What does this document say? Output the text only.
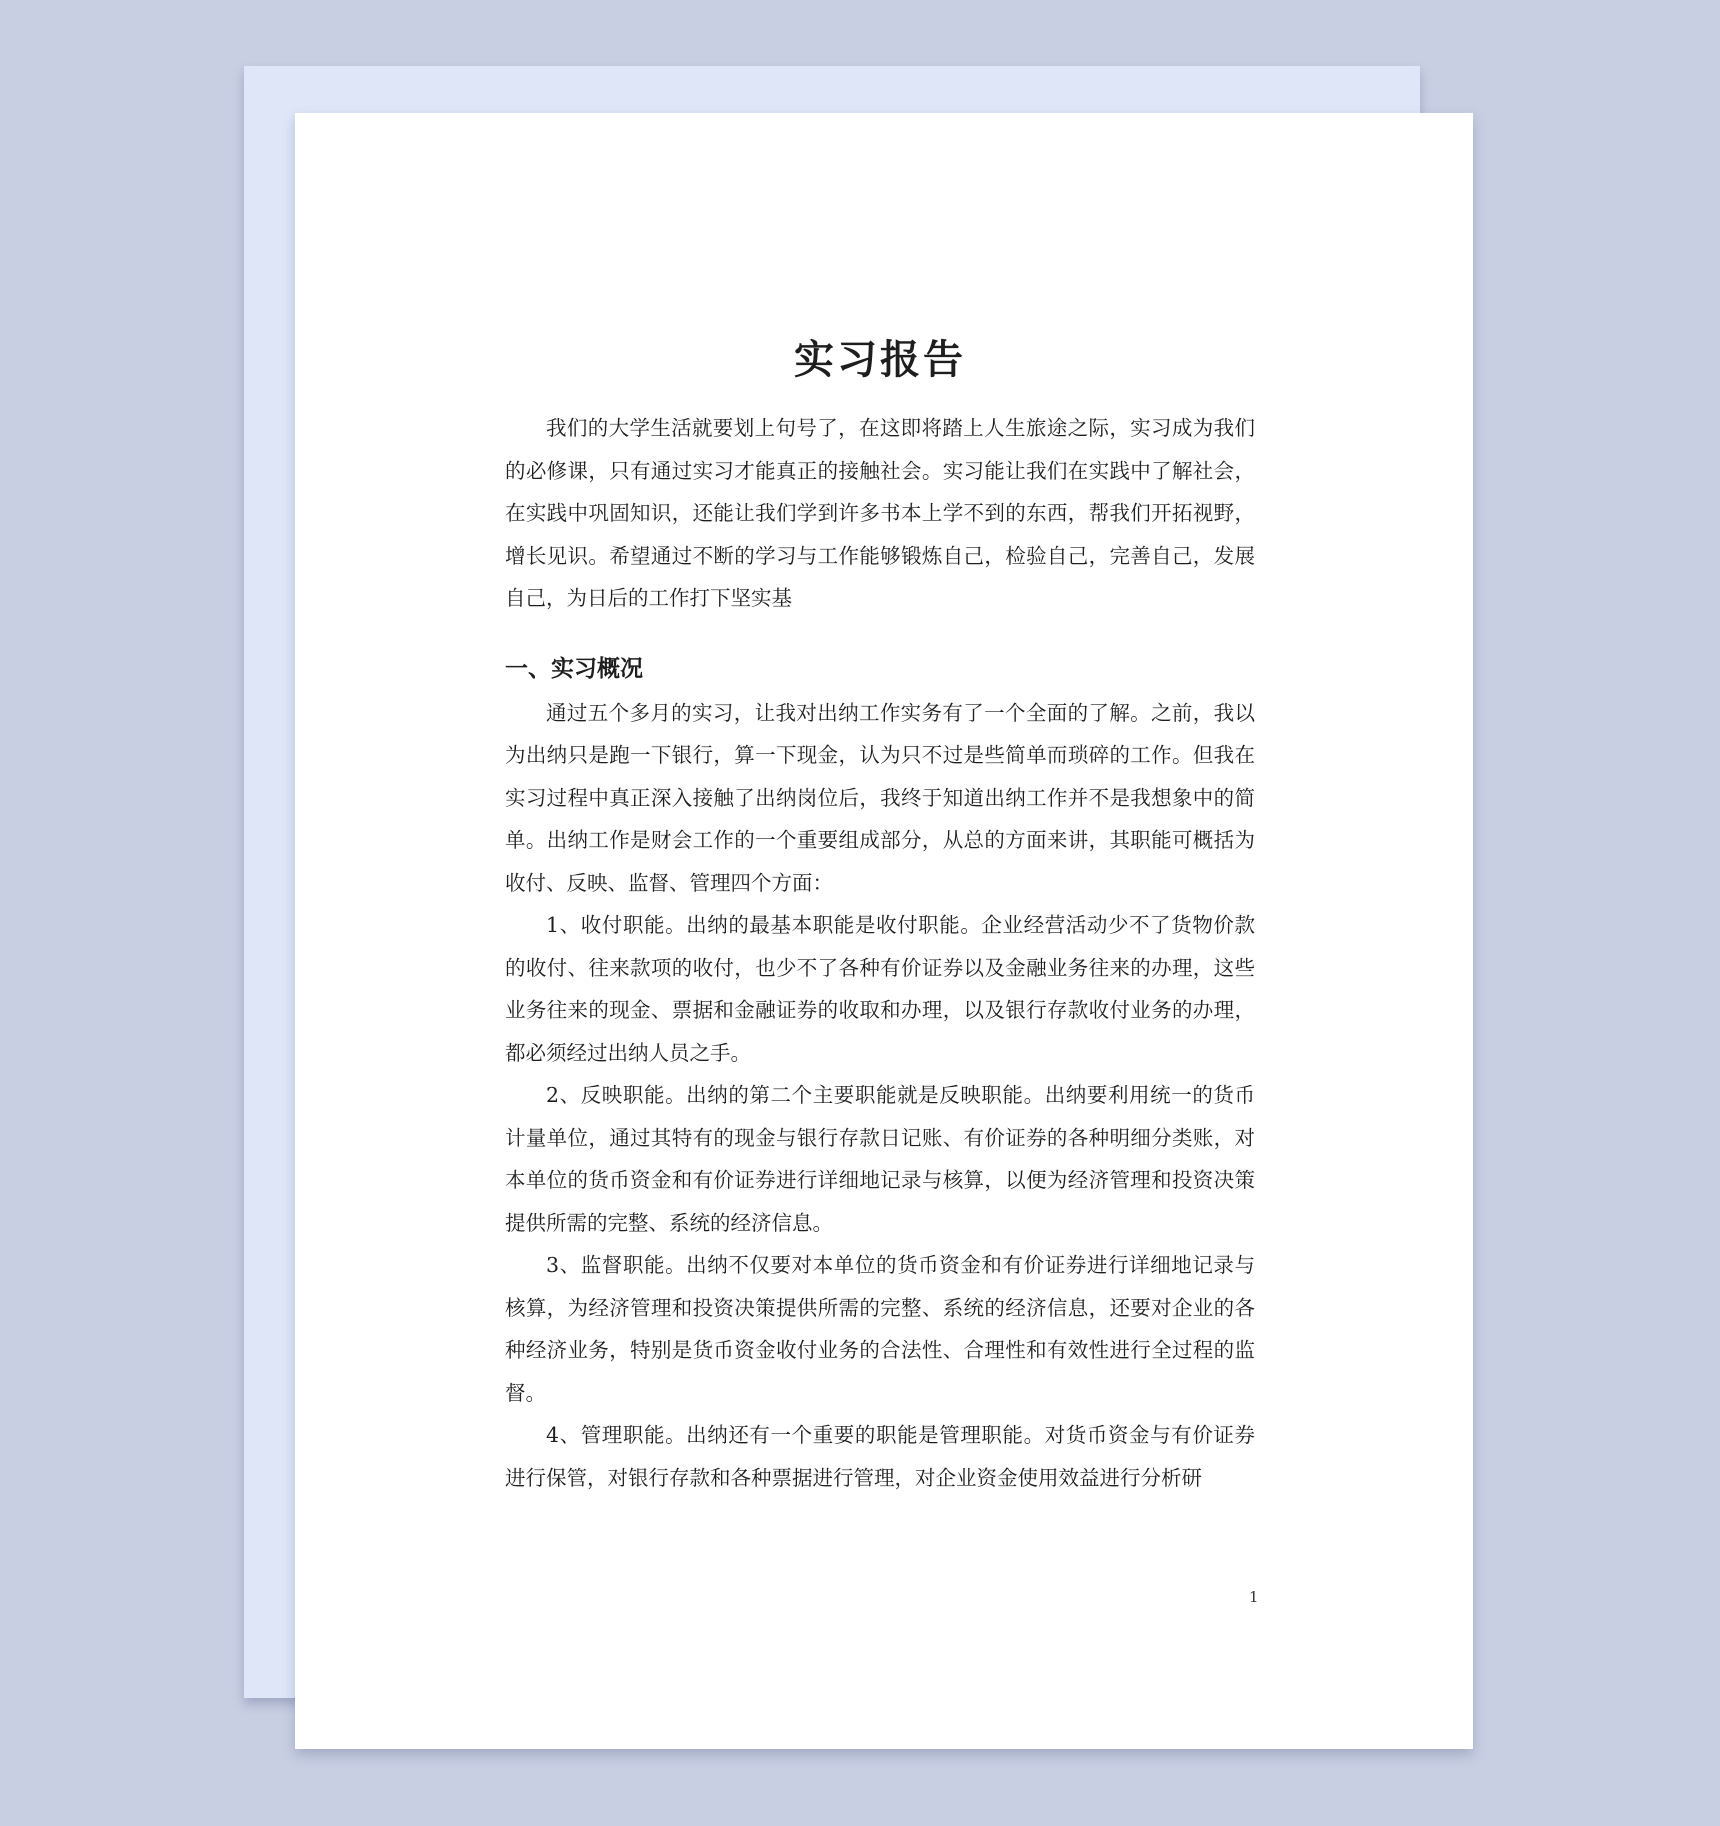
实习报告

我们的大学生活就要划上句号了，在这即将踏上人生旅途之际，实习成为我们的必修课，只有通过实习才能真正的接触社会。实习能让我们在实践中了解社会，在实践中巩固知识，还能让我们学到许多书本上学不到的东西，帮我们开拓视野，增长见识。希望通过不断的学习与工作能够锻炼自己，检验自己，完善自己，发展自己，为日后的工作打下坚实基

一、实习概况

通过五个多月的实习，让我对出纳工作实务有了一个全面的了解。之前，我以为出纳只是跑一下银行，算一下现金，认为只不过是些简单而琐碎的工作。但我在实习过程中真正深入接触了出纳岗位后，我终于知道出纳工作并不是我想象中的简单。出纳工作是财会工作的一个重要组成部分，从总的方面来讲，其职能可概括为收付、反映、监督、管理四个方面：

1、收付职能。出纳的最基本职能是收付职能。企业经营活动少不了货物价款的收付、往来款项的收付，也少不了各种有价证券以及金融业务往来的办理，这些业务往来的现金、票据和金融证券的收取和办理，以及银行存款收付业务的办理，都必须经过出纳人员之手。

2、反映职能。出纳的第二个主要职能就是反映职能。出纳要利用统一的货币计量单位，通过其特有的现金与银行存款日记账、有价证券的各种明细分类账，对本单位的货币资金和有价证券进行详细地记录与核算，以便为经济管理和投资决策提供所需的完整、系统的经济信息。

3、监督职能。出纳不仅要对本单位的货币资金和有价证券进行详细地记录与核算，为经济管理和投资决策提供所需的完整、系统的经济信息，还要对企业的各种经济业务，特别是货币资金收付业务的合法性、合理性和有效性进行全过程的监督。

4、管理职能。出纳还有一个重要的职能是管理职能。对货币资金与有价证券进行保管，对银行存款和各种票据进行管理，对企业资金使用效益进行分析研

1
